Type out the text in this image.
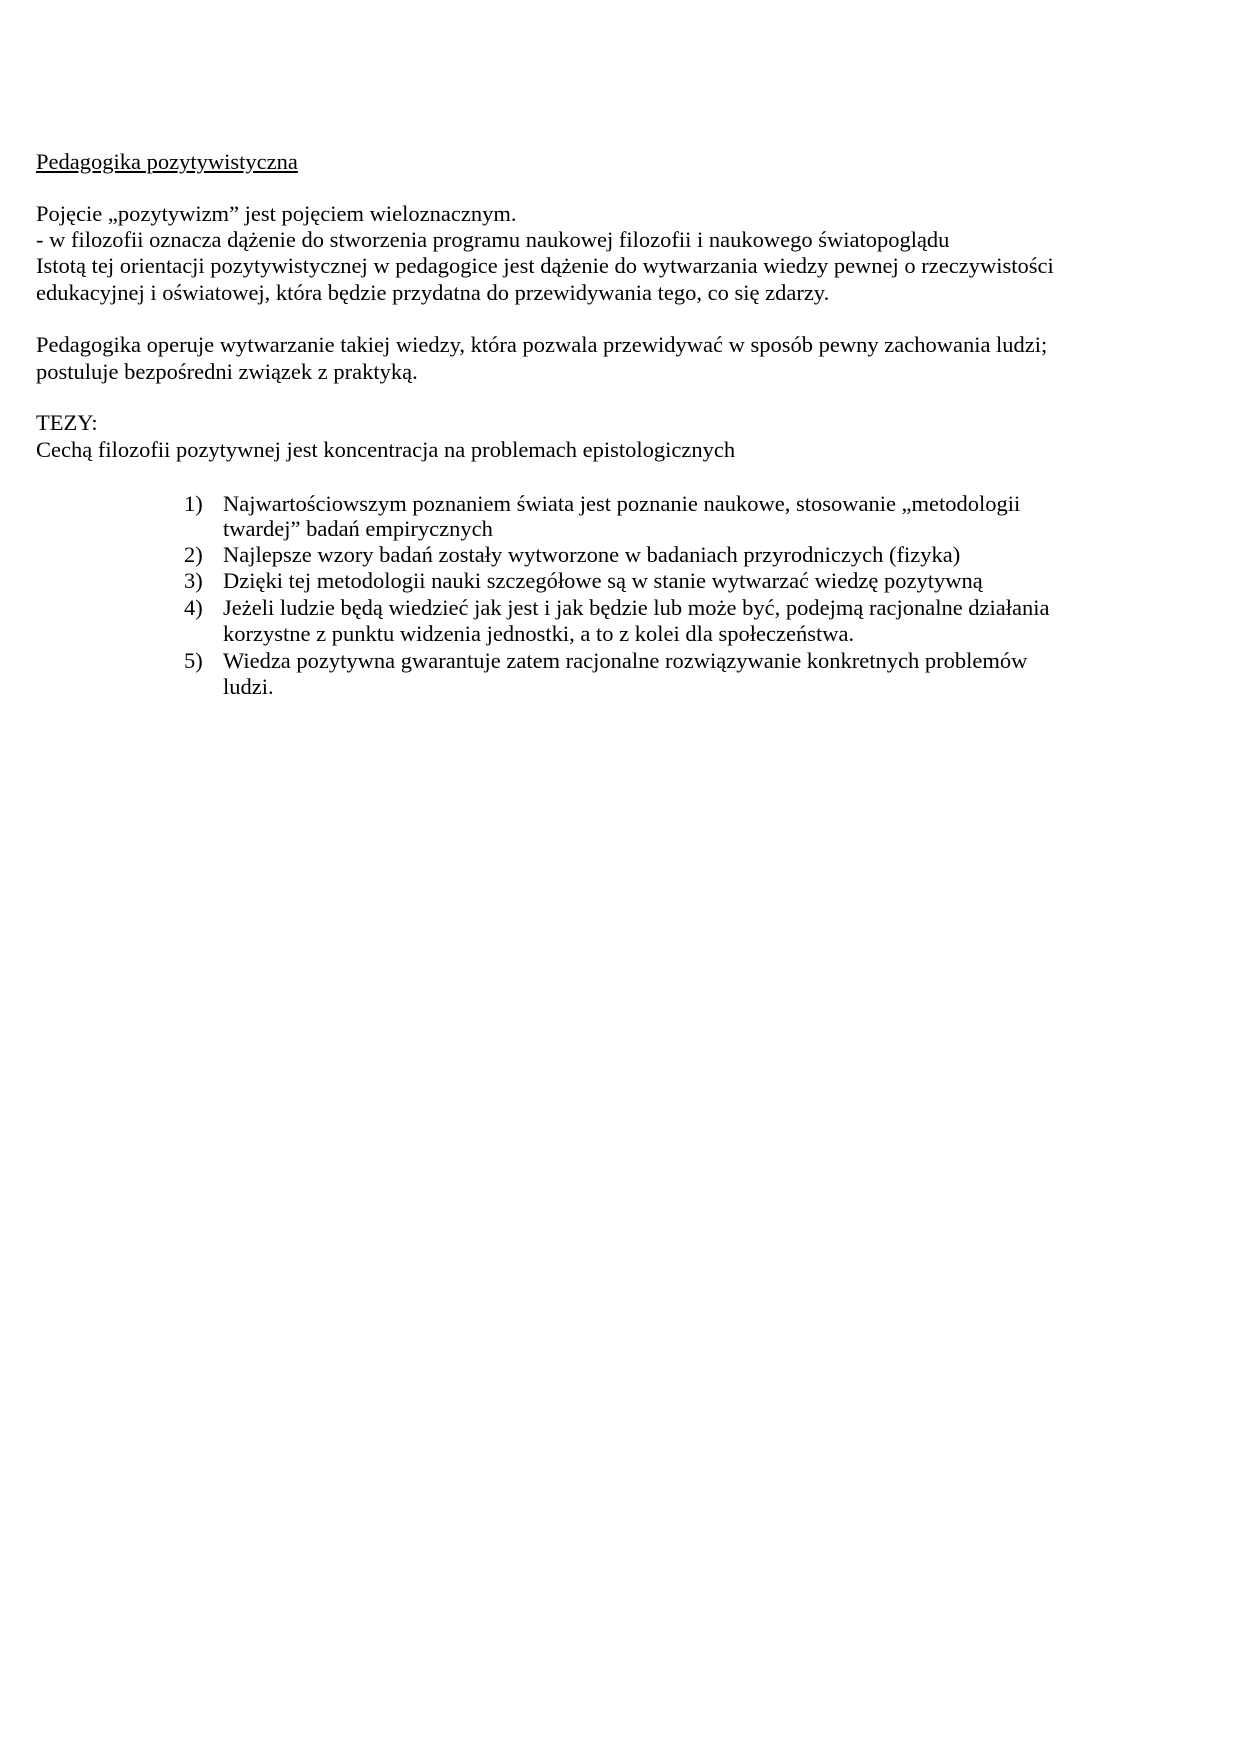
Pedagogika pozytywistyczna
Pojęcie „pozytywizm” jest pojęciem wieloznacznym.
- w filozofii oznacza dążenie do stworzenia programu naukowej filozofii i naukowego światopoglądu
Istotą tej orientacji pozytywistycznej w pedagogice jest dążenie do wytwarzania wiedzy pewnej o rzeczywistości
edukacyjnej i oświatowej, która będzie przydatna do przewidywania tego, co się zdarzy.
Pedagogika operuje wytwarzanie takiej wiedzy, która pozwala przewidywać w sposób pewny zachowania ludzi;
postuluje bezpośredni związek z praktyką.
TEZY:
Cechą filozofii pozytywnej jest koncentracja na problemach epistologicznych
1) Najwartościowszym poznaniem świata jest poznanie naukowe, stosowanie „metodologii
twardej” badań empirycznych
2) Najlepsze wzory badań zostały wytworzone w badaniach przyrodniczych (fizyka)
3) Dzięki tej metodologii nauki szczegółowe są w stanie wytwarzać wiedzę pozytywną
4) Jeżeli ludzie będą wiedzieć jak jest i jak będzie lub może być, podejmą racjonalne działania
korzystne z punktu widzenia jednostki, a to z kolei dla społeczeństwa.
5) Wiedza pozytywna gwarantuje zatem racjonalne rozwiązywanie konkretnych problemów
ludzi.
